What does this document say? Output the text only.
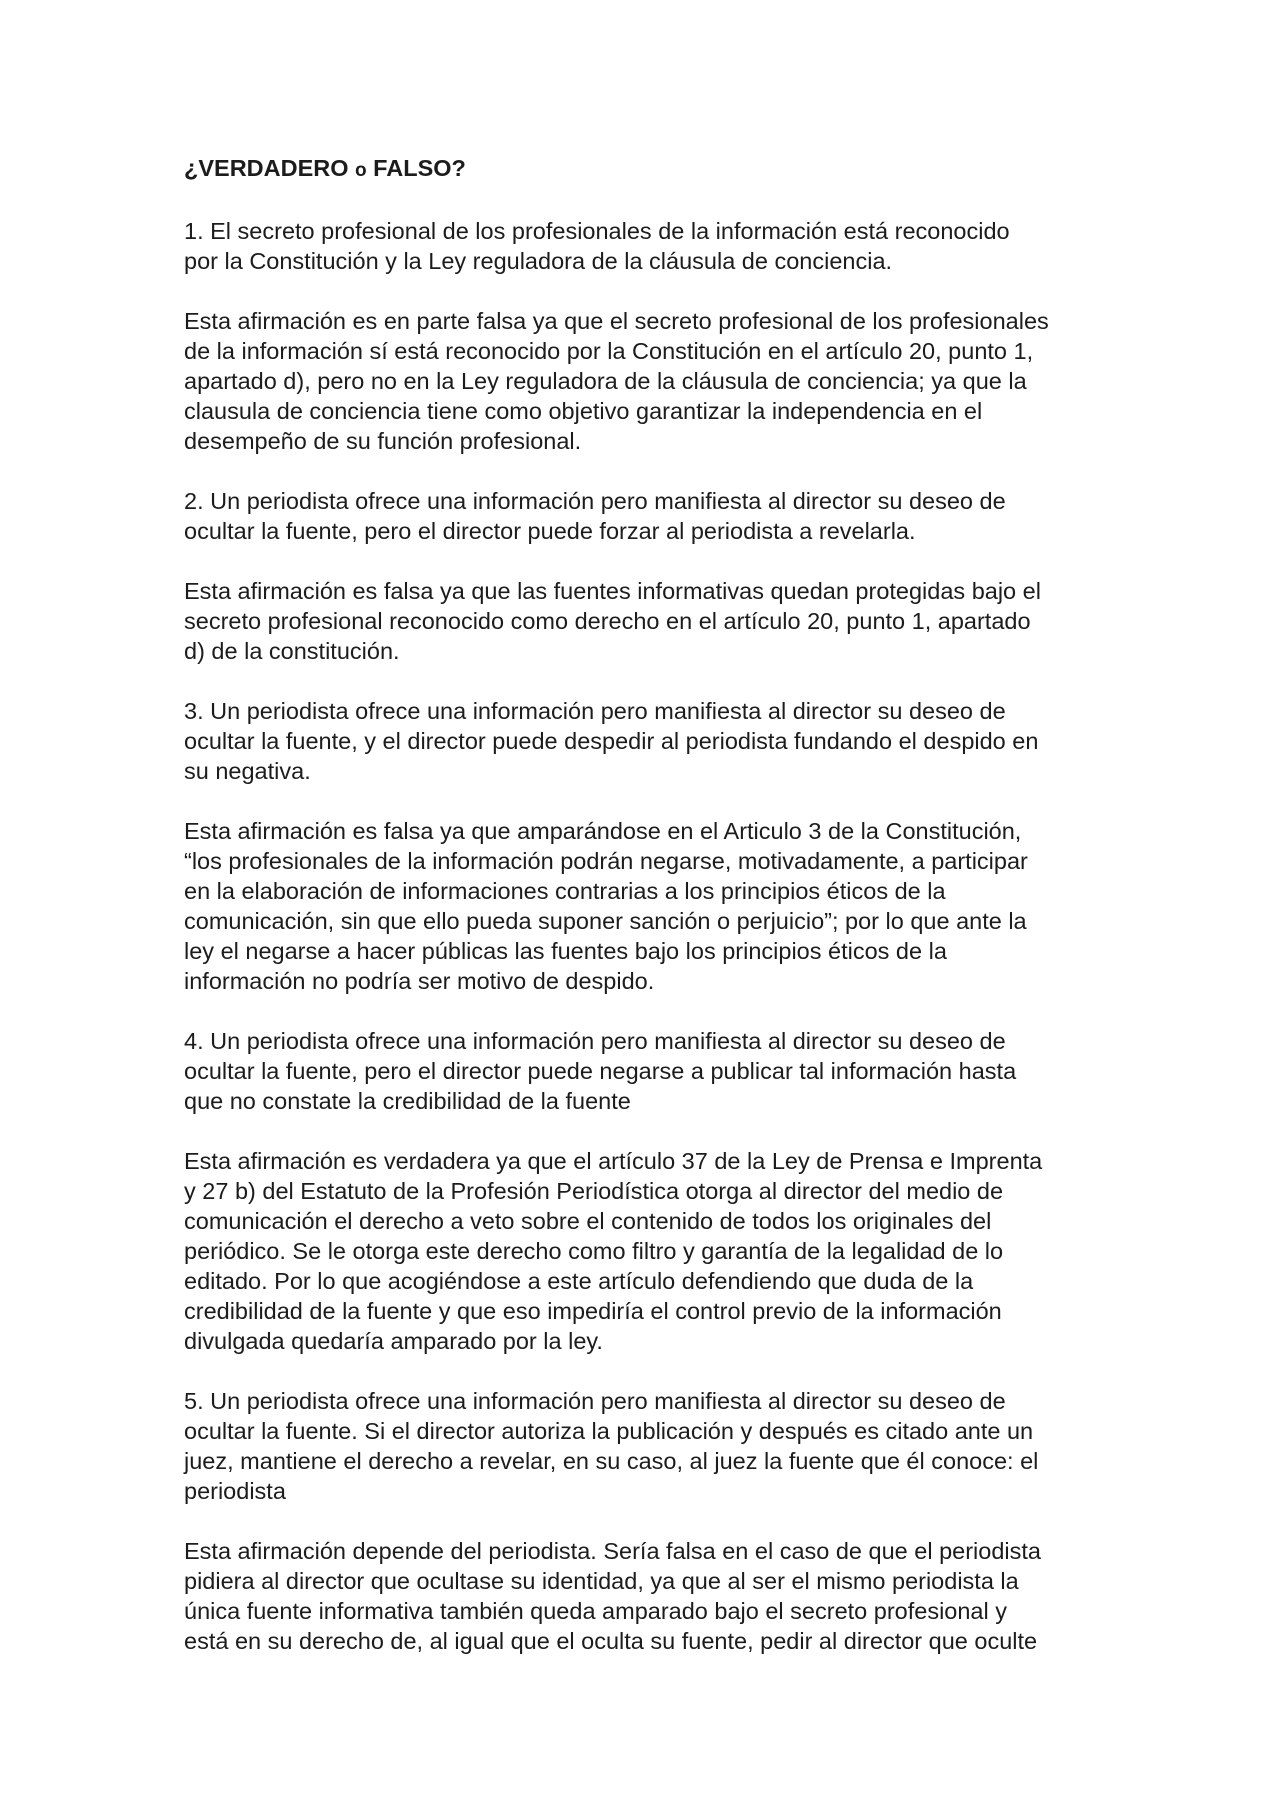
¿VERDADERO o FALSO?
1. El secreto profesional de los profesionales de la información está reconocido
por la Constitución y la Ley reguladora de la cláusula de conciencia.
Esta afirmación es en parte falsa ya que el secreto profesional de los profesionales
de la información sí está reconocido por la Constitución en el artículo 20, punto 1,
apartado d), pero no en la Ley reguladora de la cláusula de conciencia; ya que la
clausula de conciencia tiene como objetivo garantizar la independencia en el
desempeño de su función profesional.
2. Un periodista ofrece una información pero manifiesta al director su deseo de
ocultar la fuente, pero el director puede forzar al periodista a revelarla.
Esta afirmación es falsa ya que las fuentes informativas quedan protegidas bajo el
secreto profesional reconocido como derecho en el artículo 20, punto 1, apartado
d) de la constitución.
3. Un periodista ofrece una información pero manifiesta al director su deseo de
ocultar la fuente, y el director puede despedir al periodista fundando el despido en
su negativa.
Esta afirmación es falsa ya que amparándose en el Articulo 3 de la Constitución,
“los profesionales de la información podrán negarse, motivadamente, a participar
en la elaboración de informaciones contrarias a los principios éticos de la
comunicación, sin que ello pueda suponer sanción o perjuicio”; por lo que ante la
ley el negarse a hacer públicas las fuentes bajo los principios éticos de la
información no podría ser motivo de despido.
4. Un periodista ofrece una información pero manifiesta al director su deseo de
ocultar la fuente, pero el director puede negarse a publicar tal información hasta
que no constate la credibilidad de la fuente
Esta afirmación es verdadera ya que el artículo 37 de la Ley de Prensa e Imprenta
y 27 b) del Estatuto de la Profesión Periodística otorga al director del medio de
comunicación el derecho a veto sobre el contenido de todos los originales del
periódico. Se le otorga este derecho como filtro y garantía de la legalidad de lo
editado. Por lo que acogiéndose a este artículo defendiendo que duda de la
credibilidad de la fuente y que eso impediría el control previo de la información
divulgada quedaría amparado por la ley.
5. Un periodista ofrece una información pero manifiesta al director su deseo de
ocultar la fuente. Si el director autoriza la publicación y después es citado ante un
juez, mantiene el derecho a revelar, en su caso, al juez la fuente que él conoce: el
periodista
Esta afirmación depende del periodista. Sería falsa en el caso de que el periodista
pidiera al director que ocultase su identidad, ya que al ser el mismo periodista la
única fuente informativa también queda amparado bajo el secreto profesional y
está en su derecho de, al igual que el oculta su fuente, pedir al director que oculte
